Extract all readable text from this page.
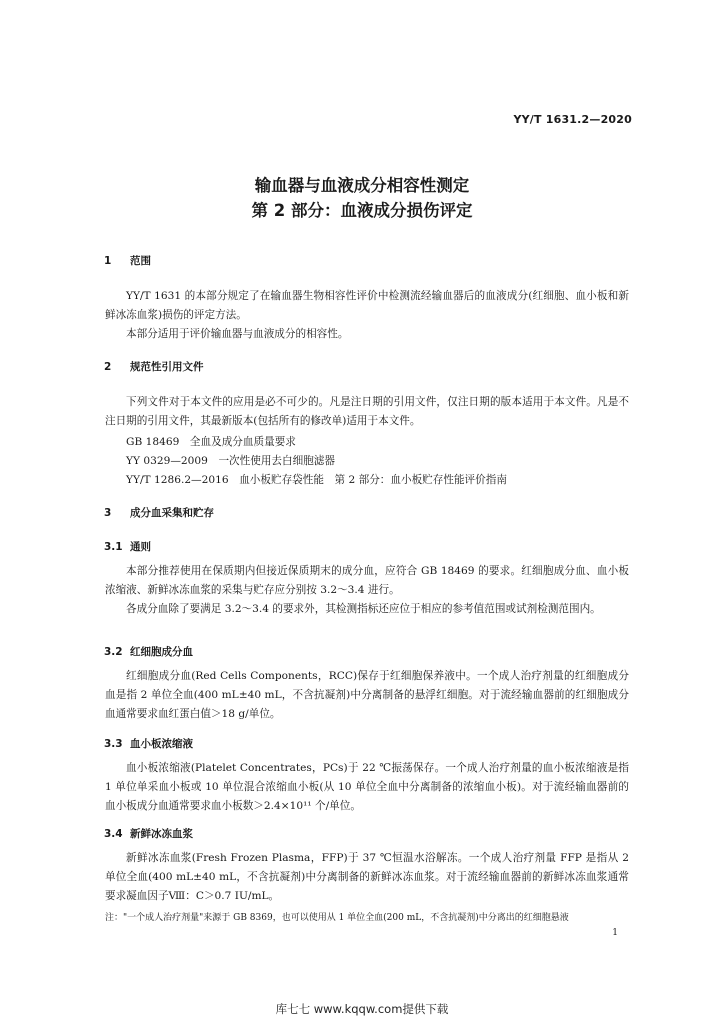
YY/T 1631.2—2020
输血器与血液成分相容性测定
第 2 部分：血液成分损伤评定
1 范围

YY/T 1631 的本部分规定了在输血器生物相容性评价中检测流经输血器后的血液成分(红细胞、血小板和新鲜冰冻血浆)损伤的评定方法。

本部分适用于评价输血器与血液成分的相容性。

2 规范性引用文件

下列文件对于本文件的应用是必不可少的。凡是注日期的引用文件，仅注日期的版本适用于本文件。凡是不注日期的引用文件，其最新版本(包括所有的修改单)适用于本文件。

GB 18469　全血及成分血质量要求
YY 0329—2009　一次性使用去白细胞滤器
YY/T 1286.2—2016　血小板贮存袋性能　第 2 部分：血小板贮存性能评价指南
3 成分血采集和贮存
3.1 通则

本部分推荐使用在保质期内但接近保质期末的成分血，应符合 GB 18469 的要求。红细胞成分血、血小板浓缩液、新鲜冰冻血浆的采集与贮存应分别按 3.2～3.4 进行。

各成分血除了要满足 3.2～3.4 的要求外，其检测指标还应位于相应的参考值范围或试剂检测范围内。

3.2 红细胞成分血

红细胞成分血(Red Cells Components，RCC)保存于红细胞保养液中。一个成人治疗剂量的红细胞成分血是指 2 单位全血(400 mL±40 mL，不含抗凝剂)中分离制备的悬浮红细胞。对于流经输血器前的红细胞成分血通常要求血红蛋白值＞18 g/单位。

3.3 血小板浓缩液

血小板浓缩液(Platelet Concentrates，PCs)于 22 ℃振荡保存。一个成人治疗剂量的血小板浓缩液是指 1 单位单采血小板或 10 单位混合浓缩血小板(从 10 单位全血中分离制备的浓缩血小板)。对于流经输血器前的血小板成分血通常要求血小板数＞2.4×10¹¹ 个/单位。

3.4 新鲜冰冻血浆

新鲜冰冻血浆(Fresh Frozen Plasma，FFP)于 37 ℃恒温水浴解冻。一个成人治疗剂量 FFP 是指从 2 单位全血(400 mL±40 mL，不含抗凝剂)中分离制备的新鲜冰冻血浆。对于流经输血器前的新鲜冰冻血浆通常要求凝血因子Ⅷ：C＞0.7 IU/mL。

注："一个成人治疗剂量"来源于 GB 8369，也可以使用从 1 单位全血(200 mL，不含抗凝剂)中分离出的红细胞悬液
1
库七七 www.kqqw.com提供下载
